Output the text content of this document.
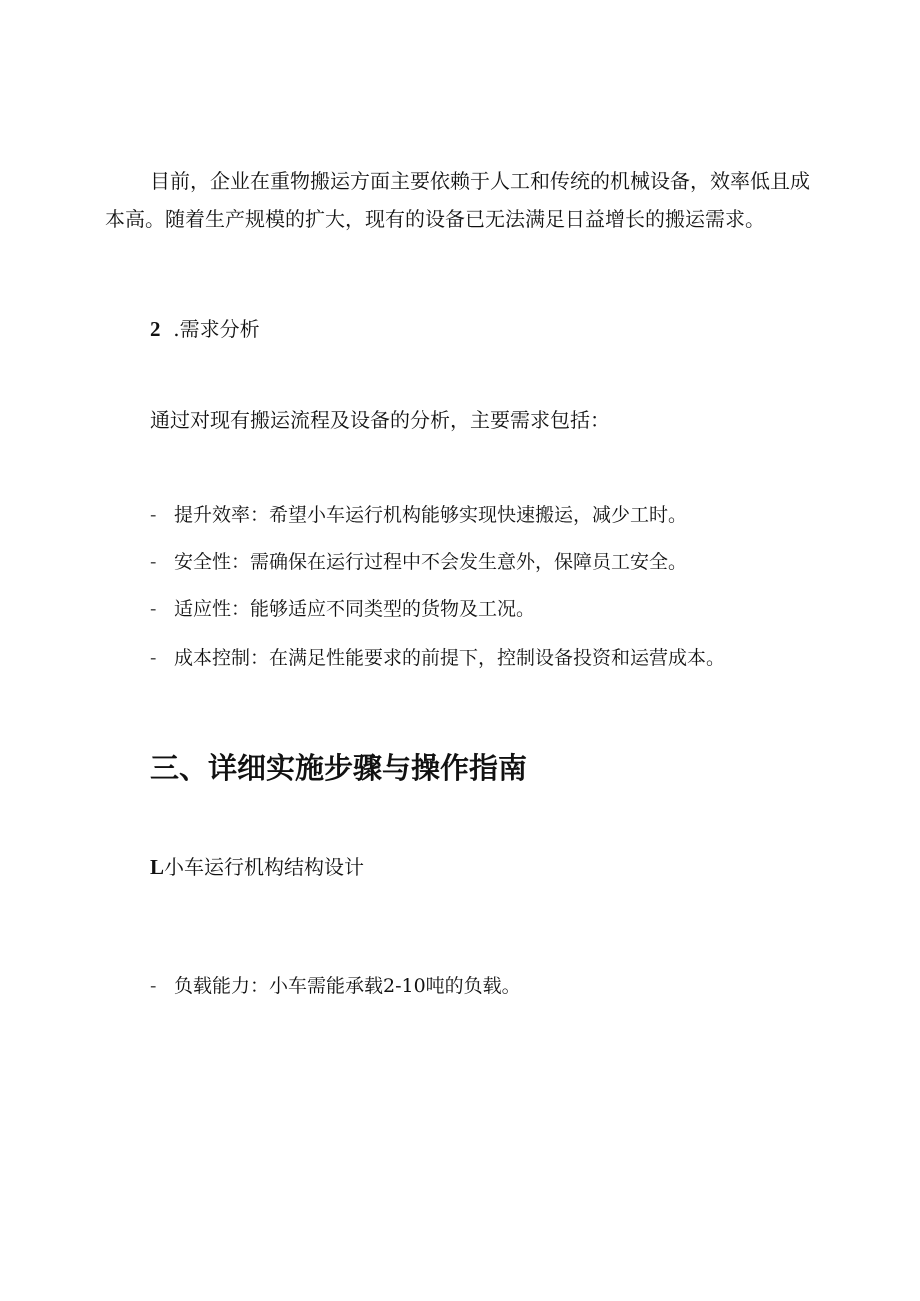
目前，企业在重物搬运方面主要依赖于人工和传统的机械设备，效率低且成
本高。随着生产规模的扩大，现有的设备已无法满足日益增长的搬运需求。

2 .需求分析

通过对现有搬运流程及设备的分析，主要需求包括：

- 提升效率：希望小车运行机构能够实现快速搬运，减少工时。

- 安全性：需确保在运行过程中不会发生意外，保障员工安全。

- 适应性：能够适应不同类型的货物及工况。

- 成本控制：在满足性能要求的前提下，控制设备投资和运营成本。

三、详细实施步骤与操作指南

L小车运行机构结构设计

- 负载能力：小车需能承载2-10吨的负载。
